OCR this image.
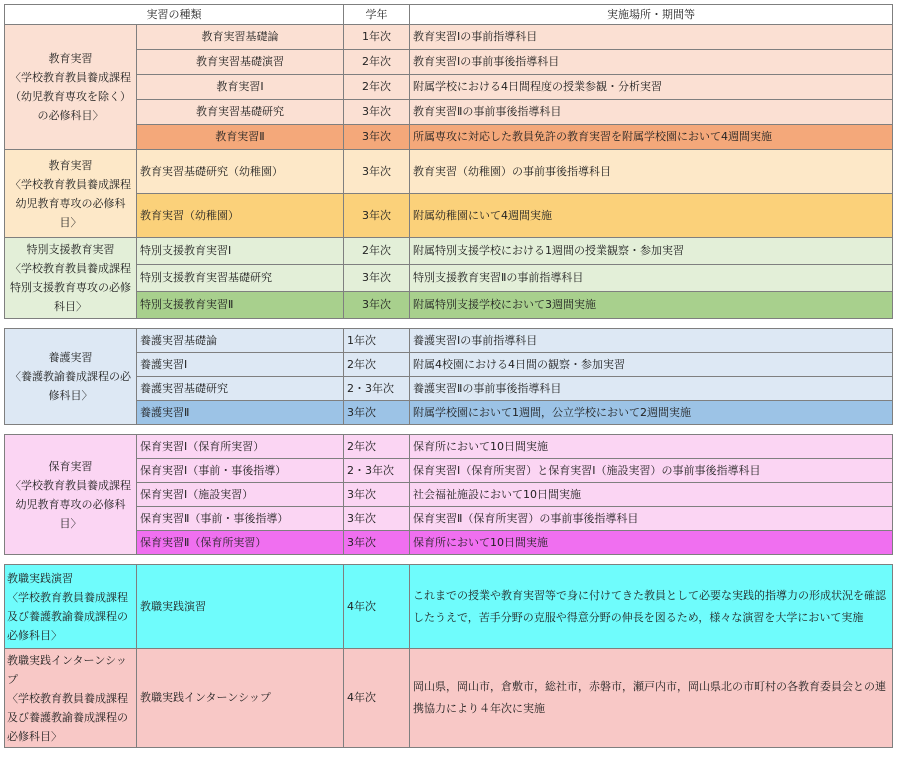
実習の種類		学年	実施場所・期間等
教育実習
〈学校教育教員養成課程（幼児教育専攻を除く）の必修科目〉	教育実習基礎論	1年次	教育実習Ⅰの事前指導科目
	教育実習基礎演習	2年次	教育実習Ⅰの事前事後指導科目
	教育実習Ⅰ	2年次	附属学校における4日間程度の授業参観・分析実習
	教育実習基礎研究	3年次	教育実習Ⅱの事前事後指導科目
	教育実習Ⅱ	3年次	所属専攻に対応した教員免許の教育実習を附属学校園において4週間実施
教育実習
〈学校教育教員養成課程幼児教育専攻の必修科目〉	教育実習基礎研究（幼稚園）	3年次	教育実習（幼稚園）の事前事後指導科目
	教育実習（幼稚園）	3年次	附属幼稚園にいて4週間実施
特別支援教育実習
〈学校教育教員養成課程特別支援教育専攻の必修科目〉	特別支援教育実習Ⅰ	2年次	附属特別支援学校における1週間の授業観察・参加実習
	特別支援教育実習基礎研究	3年次	特別支援教育実習Ⅱの事前指導科目
	特別支援教育実習Ⅱ	3年次	附属特別支援学校において3週間実施

養護実習
〈養護教諭養成課程の必修科目〉	養護実習基礎論	1年次	養護実習Ⅰの事前指導科目
	養護実習Ⅰ	2年次	附属4校園における4日間の観察・参加実習
	養護実習基礎研究	2・3年次	養護実習Ⅱの事前事後指導科目
	養護実習Ⅱ	3年次	附属学校園において1週間，公立学校において2週間実施

保育実習
〈学校教育教員養成課程幼児教育専攻の必修科目〉	保育実習Ⅰ（保育所実習）	2年次	保育所において10日間実施
	保育実習Ⅰ（事前・事後指導）	2・3年次	保育実習Ⅰ（保育所実習）と保育実習Ⅰ（施設実習）の事前事後指導科目
	保育実習Ⅰ（施設実習）	3年次	社会福祉施設において10日間実施
	保育実習Ⅱ（事前・事後指導）	3年次	保育実習Ⅱ（保育所実習）の事前事後指導科目
	保育実習Ⅱ（保育所実習）	3年次	保育所において10日間実施

教職実践演習
〈学校教育教員養成課程及び養護教諭養成課程の必修科目〉	教職実践演習	4年次	これまでの授業や教育実習等で身に付けてきた教員として必要な実践的指導力の形成状況を確認したうえで，苦手分野の克服や得意分野の伸長を図るため，様々な演習を大学において実施
教職実践インターンシップ
〈学校教育教員養成課程及び養護教諭養成課程の必修科目〉	教職実践インターンシップ	4年次	岡山県，岡山市，倉敷市，総社市，赤磐市，瀬戸内市，岡山県北の市町村の各教育委員会との連携協力により４年次に実施
